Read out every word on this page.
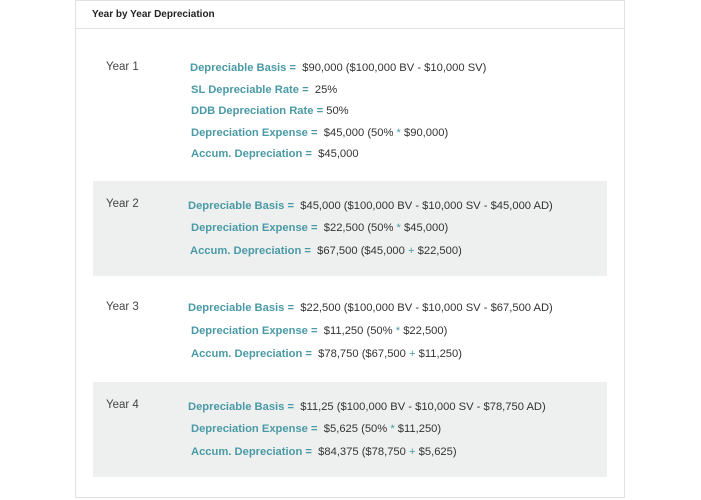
Year by Year Depreciation
Year 1	Depreciable Basis = $90,000 ($100,000 BV - $10,000 SV)
SL Depreciable Rate = 25%
DDB Depreciation Rate = 50%
Depreciation Expense = $45,000 (50% * $90,000)
Accum. Depreciation = $45,000
Year 2	Depreciable Basis = $45,000 ($100,000 BV - $10,000 SV - $45,000 AD)
Depreciation Expense = $22,500 (50% * $45,000)
Accum. Depreciation = $67,500 ($45,000 + $22,500)
Year 3	Depreciable Basis = $22,500 ($100,000 BV - $10,000 SV - $67,500 AD)
Depreciation Expense = $11,250 (50% * $22,500)
Accum. Depreciation = $78,750 ($67,500 + $11,250)
Year 4	Depreciable Basis = $11,25 ($100,000 BV - $10,000 SV - $78,750 AD)
Depreciation Expense = $5,625 (50% * $11,250)
Accum. Depreciation = $84,375 ($78,750 + $5,625)
